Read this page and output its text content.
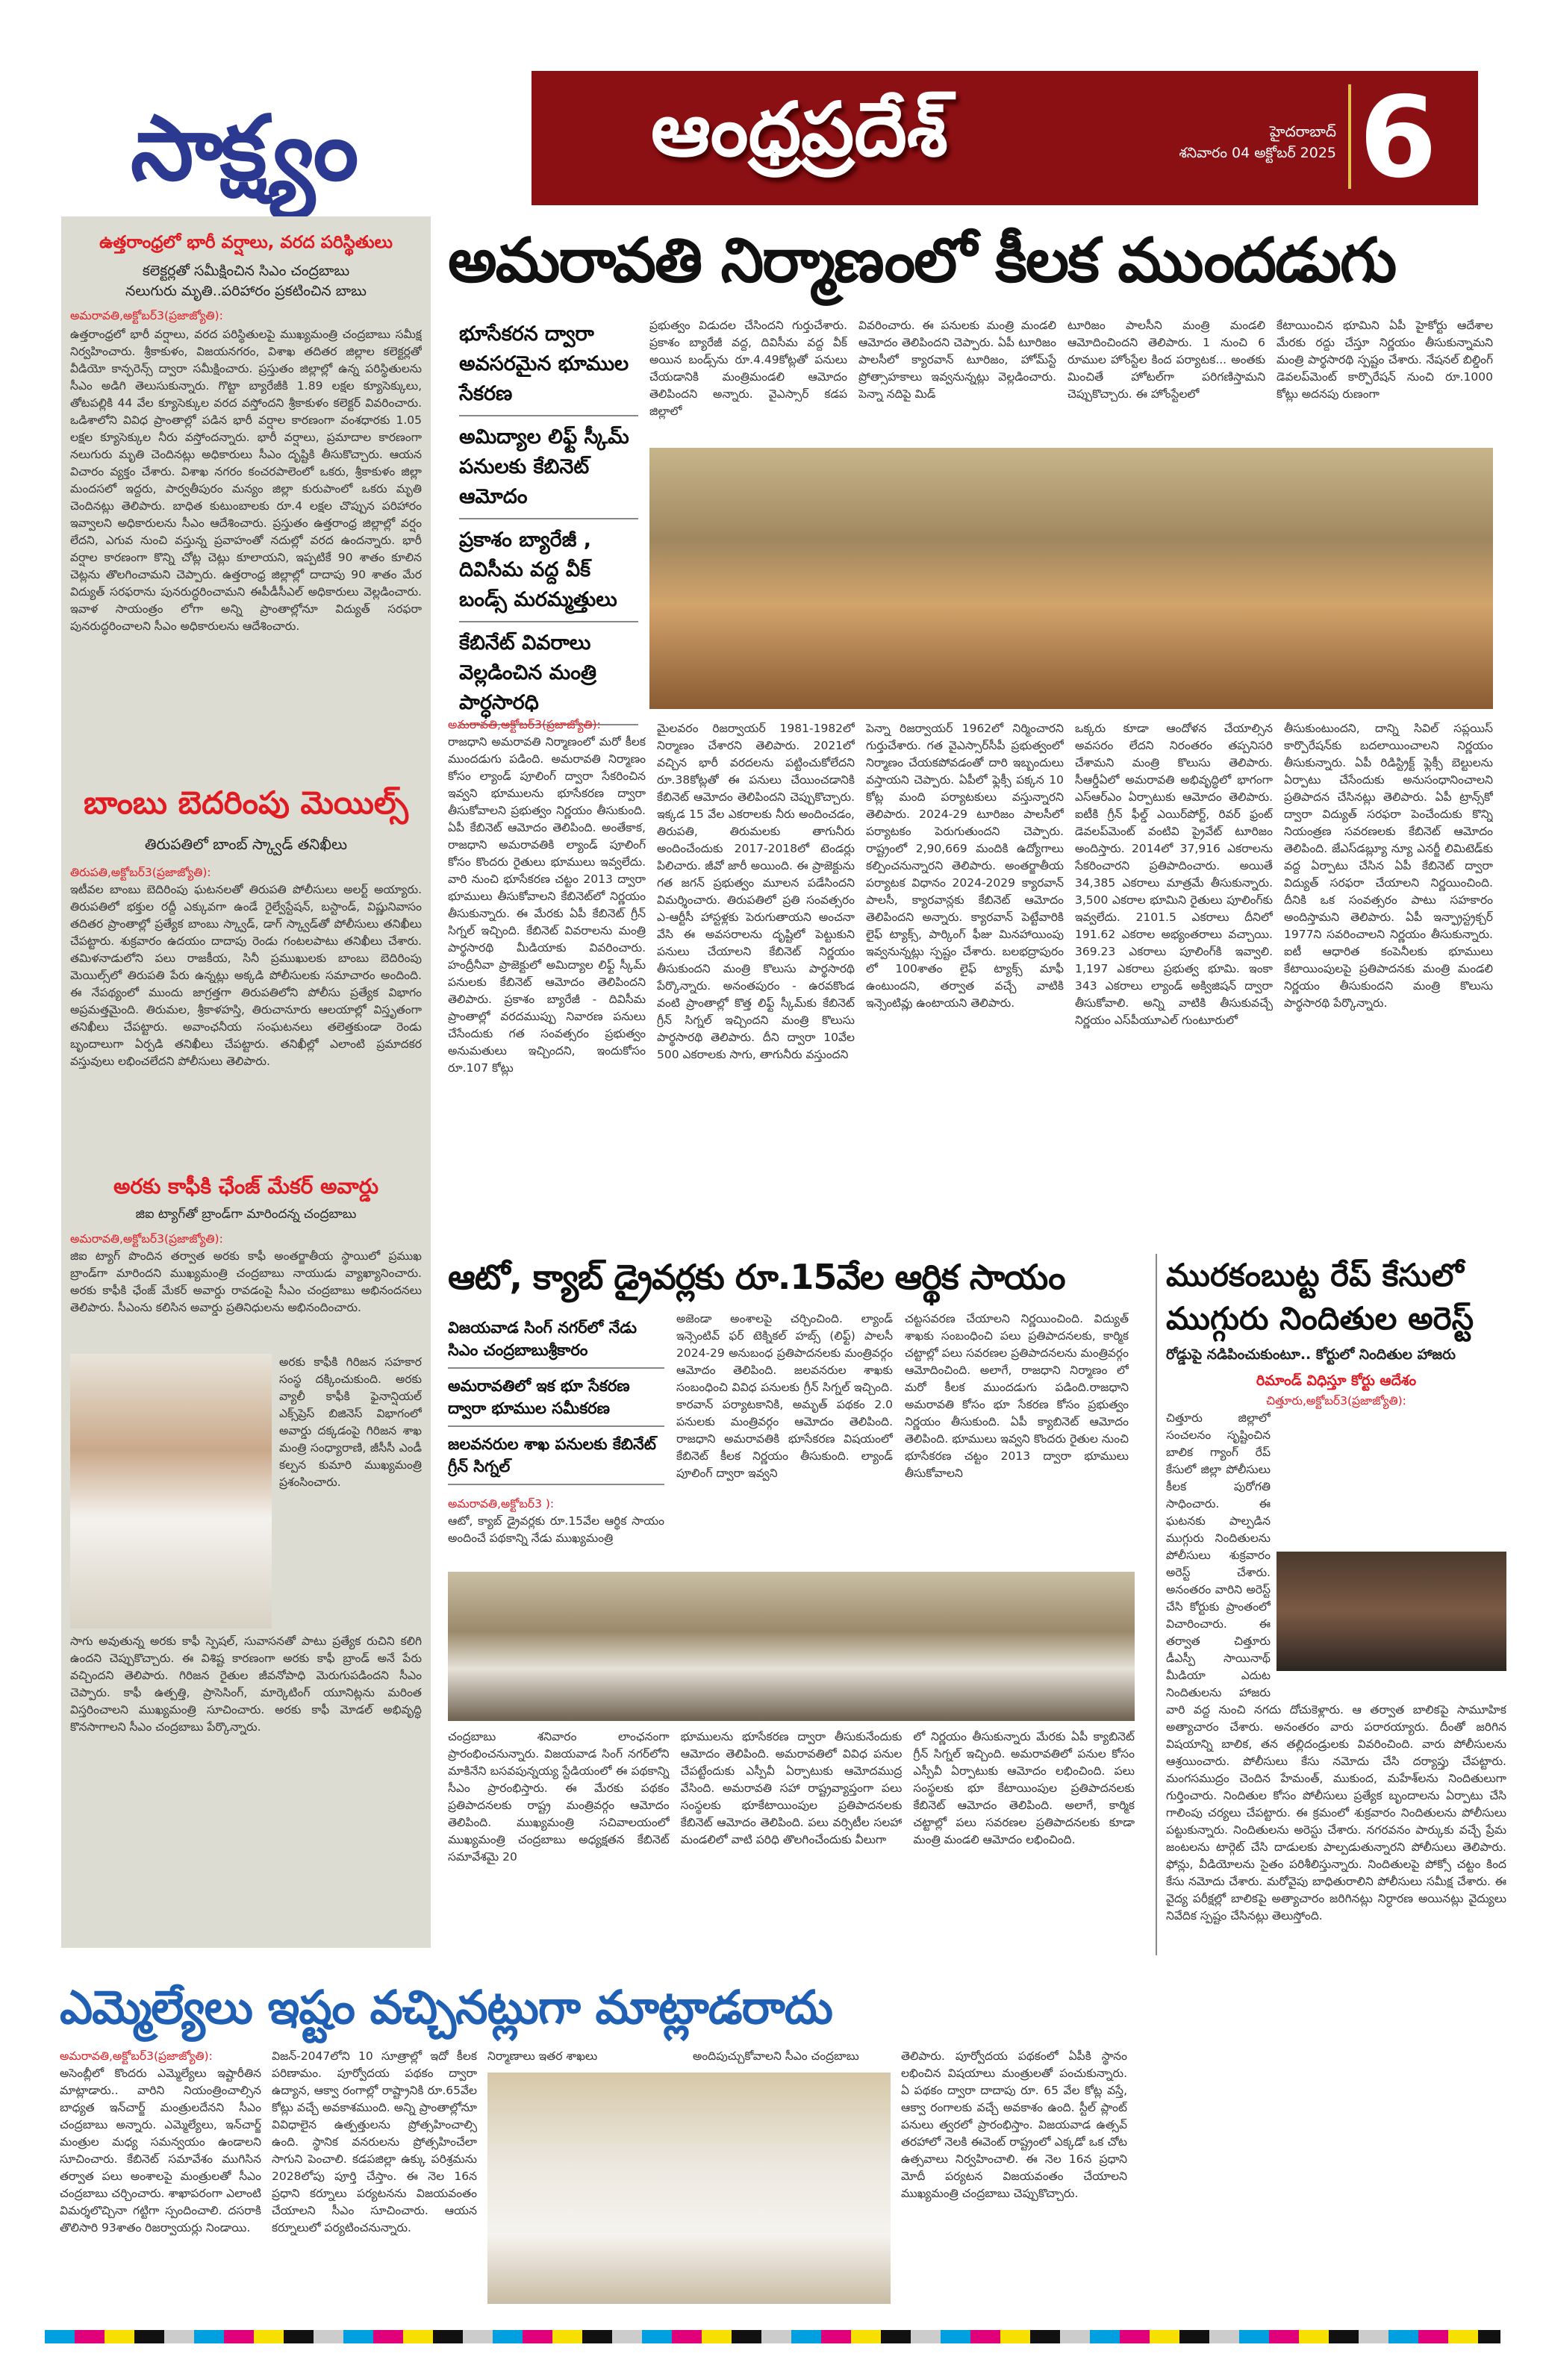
సాక్ష్యం	ఆంధ్రప్రదేశ్	హైదరాబాద్
శనివారం 04 అక్టోబర్ 2025 6
ఉత్తరాంధ్రలో భారీ వర్షాలు, వరద పరిస్థితులు
కలెక్టర్లతో సమీక్షించిన సిఎం చంద్రబాబు
నలుగురు మృతి..పరిహారం ప్రకటించిన బాబు
అమరావతి,అక్టోబర్3(ప్రజాజ్యోతి):
ఉత్తరాంధ్రలో భారీ వర్షాలు, వరద పరిస్థితులపై ముఖ్యమంత్రి చంద్రబాబు సమీక్ష నిర్వహించారు. శ్రీకాకుళం, విజయనగరం, విశాఖ తదితర జిల్లాల కలెక్టర్లతో వీడియో కాన్ఫరెన్స్ ద్వారా సమీక్షించారు. ప్రస్తుతం జిల్లాల్లో ఉన్న పరిస్థితులను సీఎం అడిగి తెలుసుకున్నారు. గొట్టా బ్యారేజీకి 1.89 లక్షల క్యూసెక్కులు, తోటపల్లికి 44 వేల క్యూసెక్కుల వరద వస్తోందని శ్రీకాకుళం కలెక్టర్ వివరించారు. ఒడిశాలోని వివిధ ప్రాంతాల్లో పడిన భారీ వర్షాల కారణంగా వంశధారకు 1.05 లక్షల క్యూసెక్కుల నీరు వస్తోందన్నారు. భారీ వర్షాలు, ప్రమాదాల కారణంగా నలుగురు మృతి చెందినట్లు అధికారులు సీఎం దృష్టికి తీసుకొచ్చారు. ఆయన విచారం వ్యక్తం చేశారు. విశాఖ నగరం కంచరపాలెంలో ఒకరు, శ్రీకాకుళం జిల్లా మందసలో ఇద్దరు, పార్వతీపురం మన్యం జిల్లా కురుపాంలో ఒకరు మృతి చెందినట్లు తెలిపారు. బాధిత కుటుంబాలకు రూ.4 లక్షల చొప్పున పరిహారం ఇవ్వాలని అధికారులను సీఎం ఆదేశించారు. ప్రస్తుతం ఉత్తరాంధ్ర జిల్లాల్లో వర్షం లేదని, ఎగువ నుంచి వస్తున్న ప్రవాహంతో నదుల్లో వరద ఉందన్నారు. భారీ వర్షాల కారణంగా కొన్ని చోట్ల చెట్లు కూలాయని, ఇప్పటికే 90 శాతం కూలిన చెట్లను తొలగించామని చెప్పారు. ఉత్తరాంధ్ర జిల్లాల్లో దాదాపు 90 శాతం మేర విద్యుత్ సరఫరాను పునరుద్ధరించామని ఈపీడీసీఎల్ అధికారులు వెల్లడించారు. ఇవాళ సాయంత్రం లోగా అన్ని ప్రాంతాల్లోనూ విద్యుత్ సరఫరా పునరుద్ధరించాలని సీఎం అధికారులను ఆదేశించారు.
బాంబు బెదరింపు మెయిల్స్
తిరుపతిలో బాంబ్ స్క్వాడ్ తనిఖీలు
తిరుపతి,అక్టోబర్3(ప్రజాజ్యోతి):
ఇటీవల బాంబు బెదిరింపు ఘటనలతో తిరుపతి పోలీసులు అలర్ట్ అయ్యారు. తిరుపతిలో భక్తుల రద్దీ ఎక్కువగా ఉండే రైల్వేస్టేషన్, బస్టాండ్, విష్ణునివాసం తదితర ప్రాంతాల్లో ప్రత్యేక బాంబు స్క్వాడ్, డాగ్ స్క్వాడ్‌తో పోలీసులు తనిఖీలు చేపట్టారు. శుక్రవారం ఉదయం దాదాపు రెండు గంటలపాటు తనిఖీలు చేశారు. తమిళనాడులోని పలు రాజకీయ, సినీ ప్రముఖులకు బాంబు బెదిరింపు మెయిల్స్‌లో తిరుపతి పేరు ఉన్నట్లు అక్కడి పోలీసులకు సమాచారం అందింది. ఈ నేపథ్యంలో ముందు జాగ్రత్తగా తిరుపతిలోని పోలీసు ప్రత్యేక విభాగం అప్రమత్తమైంది. తిరుమల, శ్రీకాళహస్తి, తిరుచానూరు ఆలయాల్లో విస్తృతంగా తనిఖీలు చేపట్టారు. అవాంఛనీయ సంఘటనలు తలెత్తకుండా రెండు బృందాలుగా ఏర్పడి తనిఖీలు చేపట్టారు. తనిఖీల్లో ఎలాంటి ప్రమాదకర వస్తువులు లభించలేదని పోలీసులు తెలిపారు.
అరకు కాఫీకి ఛేంజ్ మేకర్ అవార్డు
జిఐ ట్యాగ్‌తో బ్రాండ్‌గా మారిందన్న చంద్రబాబు
అమరావతి,అక్టోబర్3(ప్రజాజ్యోతి):
జిఐ ట్యాగ్ పొందిన తర్వాత అరకు కాఫీ అంతర్జాతీయ స్థాయిలో ప్రముఖ బ్రాండ్‌గా మారిందని ముఖ్యమంత్రి చంద్రబాబు నాయుడు వ్యాఖ్యానించారు. అరకు కాఫీకి ఛేంజ్ మేకర్ అవార్డు రావడంపై సీఎం చంద్రబాబు అభినందనలు తెలిపారు. సీఎంను కలిసిన అవార్డు ప్రతినిధులను అభినందించారు.
అరకు కాఫీకి గిరిజన సహకార సంస్థ దక్కించుకుంది. అరకు వ్యాలీ కాఫీకి ఫైనాన్షియల్ ఎక్స్‌ప్రెస్ బిజినెస్ విభాగంలో అవార్డు దక్కడంపై గిరిజన శాఖ మంత్రి సంధ్యారాణి, జీసీసీ ఎండీ కల్పన కుమారి ముఖ్యమంత్రి ప్రశంసించారు.
సాగు అవుతున్న అరకు కాఫీ స్పెషల్, సువాసనతో పాటు ప్రత్యేక రుచిని కలిగి ఉందని చెప్పుకొచ్చారు. ఈ విశిష్ట కారణంగా అరకు కాఫీ బ్రాండ్ అనే పేరు వచ్చిందని తెలిపారు. గిరిజన రైతుల జీవనోపాధి మెరుగుపడిందని సీఎం చెప్పారు. కాఫీ ఉత్పత్తి, ప్రాసెసింగ్, మార్కెటింగ్ యూనిట్లను మరింత విస్తరించాలని ముఖ్యమంత్రి సూచించారు. అరకు కాఫీ మోడల్ అభివృద్ధి కొనసాగాలని సీఎం చంద్రబాబు పేర్కొన్నారు.
అమరావతి నిర్మాణంలో కీలక ముందడుగు
భూసేకరన ద్వారా అవసరమైన భూముల సేకరణ
అమిద్యాల లిఫ్ట్ స్కీమ్ పనులకు కేబినెట్ ఆమోదం
ప్రకాశం బ్యారేజీ , దివిసీమ వద్ద వీక్ బండ్స్ మరమ్మత్తులు
కేబినేట్ వివరాలు వెల్లడించిన మంత్రి పార్ధసారధి
ప్రభుత్వం విడుదల చేసిందని గుర్తుచేశారు. ప్రకాశం బ్యారేజీ వద్ద, దివిసీమ వద్ద వీక్ అయిన బండ్స్‌ను రూ.4.49కోట్లతో పనులు చేయడానికి మంత్రిమండలి ఆమోదం తెలిపిందని అన్నారు. వైఎస్సార్ కడప జిల్లాలో
వివరించారు. ఈ పనులకు మంత్రి మండలి ఆమోదం తెలిపిందని చెప్పారు. ఏపీ టూరిజం పాలసీలో క్యారవాన్ టూరిజం, హోమ్‌స్టే ప్రోత్సాహకాలు ఇవ్వనున్నట్లు వెల్లడించారు. పెన్నా నదిపై మిడ్
టూరిజం పాలసీని మంత్రి మండలి ఆమోదించిందని తెలిపారు. 1 నుంచి 6 రూముల హోంస్టేల కింద పర్యాటక... అంతకు మించితే హోటల్‌గా పరిగణిస్తామని చెప్పుకొచ్చారు. ఈ హోంస్టేలలో
కేటాయించిన భూమిని ఏపీ హైకోర్టు ఆదేశాల మేరకు రద్దు చేస్తూ నిర్ణయం తీసుకున్నామని మంత్రి పార్థసారథి స్పష్టం చేశారు. నేషనల్ బిల్డింగ్ డెవలప్‌మెంట్ కార్పొరేషన్ నుంచి రూ.1000 కోట్లు అదనపు రుణంగా
అమరావతి,అక్టోబర్3(ప్రజాజ్యోతి):
రాజధాని అమరావతి నిర్మాణంలో మరో కీలక ముందడుగు పడింది. అమరావతి నిర్మాణం కోసం ల్యాండ్ పూలింగ్ ద్వారా సేకరించిన ఇవ్వని భూములను భూసేకరణ ద్వారా తీసుకోవాలని ప్రభుత్వం నిర్ణయం తీసుకుంది. ఏపీ కేబినెట్ ఆమోదం తెలిపింది. అంతేకాక, రాజధాని అమరావతికి ల్యాండ్ పూలింగ్ కోసం కొందరు రైతులు భూములు ఇవ్వలేదు. వారి నుంచి భూసేకరణ చట్టం 2013 ద్వారా భూములు తీసుకోవాలని కేబినెట్‌లో నిర్ణయం తీసుకున్నారు. ఈ మేరకు ఏపీ కేబినెట్ గ్రీన్ సిగ్నల్ ఇచ్చింది. కేబినెట్ వివరాలను మంత్రి పార్థసారథి మీడియాకు వివరించారు. హంద్రీనీవా ప్రాజెక్టులో అమిద్యాల లిఫ్ట్ స్కీమ్ పనులకు కేబినెట్ ఆమోదం తెలిపిందని తెలిపారు. ప్రకాశం బ్యారేజీ - దివిసీమ ప్రాంతాల్లో వరదముప్పు నివారణ పనులు చేసేందుకు గత సంవత్సరం ప్రభుత్వం అనుమతులు ఇచ్చిందని, ఇందుకోసం రూ.107 కోట్లు
మైలవరం రిజర్వాయర్ 1981-1982లో నిర్మాణం చేశారని తెలిపారు. 2021లో వచ్చిన భారీ వరదలను పట్టించుకోలేదని రూ.38కోట్లతో ఈ పనులు చేయించడానికి కేబినెట్ ఆమోదం తెలిపిందని చెప్పుకొచ్చారు. ఇక్కడ 15 వేల ఎకరాలకు నీరు అందించడం, తిరుపతి, తిరుమలకు తాగునీరు అందించేందుకు 2017-2018లో టెండర్లు పిలిచారు. జీవో జారీ అయింది. ఈ ప్రాజెక్టును గత జగన్ ప్రభుత్వం మూలన పడేసిందని విమర్శించారు. తిరుపతిలో ప్రతి సంవత్సరం ఎ-ఆర్టీసీ హాస్టళ్లకు పెరుగుతాయని అంచనా వేసి ఈ అవసరాలను దృష్టిలో పెట్టుకుని పనులు చేయాలని కేబినెట్ నిర్ణయం తీసుకుందని మంత్రి కొలుసు పార్థసారథి పేర్కొన్నారు. అనంతపురం - ఉరవకొండ వంటి ప్రాంతాల్లో కొత్త లిఫ్ట్ స్కీమ్‌కు కేబినెట్ గ్రీన్ సిగ్నల్ ఇచ్చిందని మంత్రి కొలుసు పార్థసారథి తెలిపారు. దీని ద్వారా 10వేల 500 ఎకరాలకు సాగు, తాగునీరు వస్తుందని
పెన్నా రిజర్వాయర్ 1962లో నిర్మించారని గుర్తుచేశారు. గత వైఎస్సార్‌సీపీ ప్రభుత్వంలో నిర్మాణం చేయకపోవడంతో దారి ఇబ్బందులు వస్తాయని చెప్పారు. ఏపీలో ఫ్లెక్సీ పక్కన 10 కోట్ల మంది పర్యాటకులు వస్తున్నారని తెలిపారు. 2024-29 టూరిజం పాలసీలో పర్యాటకం పెరుగుతుందని చెప్పారు. రాష్ట్రంలో 2,90,669 మందికి ఉద్యోగాలు కల్పించనున్నారని తెలిపారు. అంతర్జాతీయ పర్యాటక విధానం 2024-2029 క్యారవాన్ పాలసీ, క్యారవాన్లకు కేబినెట్ ఆమోదం తెలిపిందని అన్నారు. క్యారవాన్ పెట్టేవారికి లైఫ్ ట్యాక్స్, పార్కింగ్ ఫీజు మినహాయింపు ఇవ్వనున్నట్లు స్పష్టం చేశారు. బలభద్రాపురం లో 100శాతం లైఫ్ ట్యాక్స్ మాఫీ ఉంటుందని, తర్వాత వచ్చే వాటికి ఇన్సెంటివ్లు ఉంటాయని తెలిపారు.
ఒక్కరు కూడా ఆందోళన చేయాల్సిన అవసరం లేదని నిరంతరం తప్పనిసరి చేశామని మంత్రి కొలుసు తెలిపారు. సీఆర్డీఏలో అమరావతి అభివృద్ధిలో భాగంగా ఎస్ఆర్ఎం ఏర్పాటుకు ఆమోదం తెలిపారు. ఐటీకి గ్రీన్ ఫీల్డ్ ఎయిర్‌పోర్ట్, రివర్ ఫ్రంట్ డెవలప్‌మెంట్ వంటివి ప్రైవేట్ టూరిజం అందిస్తారు. 2014లో 37,916 ఎకరాలను సేకరించారని ప్రతిపాదించారు. అయితే 34,385 ఎకరాలు మాత్రమే తీసుకున్నారు. 3,500 ఎకరాల భూమిని రైతులు పూలింగ్‌కు ఇవ్వలేదు. 2101.5 ఎకరాలు దీనిలో 191.62 ఎకరాల అభ్యంతరాలు వచ్చాయి. 369.23 ఎకరాలు పూలింగ్‌కి ఇవ్వాలి. 1,197 ఎకరాలు ప్రభుత్వ భూమి. ఇంకా 343 ఎకరాలు ల్యాండ్ అక్విజిషన్ ద్వారా తీసుకోవాలి. అన్ని వాటికి తీసుకువచ్చే నిర్ణయం ఎస్‌పీయూఎల్ గుంటూరులో
తీసుకుంటుందని, దాన్ని సివిల్ సప్లయిస్ కార్పొరేషన్‌కు బదలాయించాలని నిర్ణయం తీసుకున్నారు. ఏపీ రిడిస్ట్రిక్ట్ ఫ్లెక్సీ బెల్టులను ఏర్పాటు చేసేందుకు అనుసంధానించాలని ప్రతిపాదన చేసినట్లు తెలిపారు. ఏపీ ట్రాన్స్‌కో ద్వారా విద్యుత్ సరఫరా పెంచేందుకు కొన్ని నియంత్రణ సవరణలకు కేబినెట్ ఆమోదం తెలిపింది. జేఎస్‌డబ్ల్యూ న్యూ ఎనర్జీ లిమిటెడ్‌కు వద్ద ఏర్పాటు చేసిన ఏపీ కేబినెట్ ద్వారా విద్యుత్ సరఫరా చేయాలని నిర్ణయించింది. దీనికి ఒక సంవత్సరం పాటు సహకారం అందిస్తామని తెలిపారు. ఏపీ ఇన్ఫ్రాస్ట్రక్చర్ 1977ని సవరించాలని నిర్ణయం తీసుకున్నారు. ఐటీ ఆధారిత కంపెనీలకు భూములు కేటాయింపులపై ప్రతిపాదనకు మంత్రి మండలి నిర్ణయం తీసుకుందని మంత్రి కొలుసు పార్థసారథి పేర్కొన్నారు.
ఆటో, క్యాబ్ డ్రైవర్లకు రూ.15వేల ఆర్థిక సాయం
విజయవాడ సింగ్ నగర్‌లో నేడు సిఎం చంద్రబాబుశ్రీకారం
అమరావతిలో ఇక భూ సేకరణ ద్వారా భూముల సమీకరణ
జలవనరుల శాఖ పనులకు కేబినేట్ గ్రీన్ సిగ్నల్
అమరావతి,అక్టోబర్3 ):
ఆటో, క్యాబ్ డ్రైవర్లకు రూ.15వేల ఆర్థిక సాయం అందించే పథకాన్ని నేడు ముఖ్యమంత్రి
అజెండా అంశాలపై చర్చించింది. ల్యాండ్ ఇన్సెంటివ్ ఫర్ టెక్నికల్ హబ్స్ (లిఫ్ట్) పాలసీ 2024-29 అనుబంధ ప్రతిపాదనలకు మంత్రివర్గం ఆమోదం తెలిపింది. జలవనరుల శాఖకు సంబంధించి వివిధ పనులకు గ్రీన్ సిగ్నల్ ఇచ్చింది. కారవాన్ పర్యాటకానికి, అమృత్ పథకం 2.0 పనులకు మంత్రివర్గం ఆమోదం తెలిపింది. రాజధాని అమరావతికి భూసేకరణ విషయంలో కేబినెట్ కీలక నిర్ణయం తీసుకుంది. ల్యాండ్ పూలింగ్ ద్వారా ఇవ్వని
చట్టసవరణ చేయాలని నిర్ణయించింది. విద్యుత్ శాఖకు సంబంధించి పలు ప్రతిపాదనలకు, కార్మిక చట్టాల్లో పలు సవరణల ప్రతిపాదనలను మంత్రివర్గం ఆమోదించింది. అలాగే, రాజధాని నిర్మాణం లో మరో కీలక ముందడుగు పడింది.రాజధాని అమరావతి కోసం భూ సేకరణ కోసం ప్రభుత్వం నిర్ణయం తీసుకుంది. ఏపీ క్యాబినెట్ ఆమోదం తెలిపింది. భూములు ఇవ్వని కొందరు రైతుల నుంచి భూసేకరణ చట్టం 2013 ద్వారా భూములు తీసుకోవాలని
చంద్రబాబు శనివారం లాంఛనంగా ప్రారంభించనున్నారు. విజయవాడ సింగ్ నగర్‌లోని మాకినేని బసవపున్నయ్య స్టేడియంలో ఈ పథకాన్ని సీఎం ప్రారంభిస్తారు. ఈ మేరకు పథకం ప్రతిపాదనలకు రాష్ట్ర మంత్రివర్గం ఆమోదం తెలిపింది. ముఖ్యమంత్రి సచివాలయంలో ముఖ్యమంత్రి చంద్రబాబు అధ్యక్షతన కేబినెట్ సమావేశమై 20
భూములను భూసేకరణ ద్వారా తీసుకునేందుకు ఆమోదం తెలిపింది. అమరావతిలో వివిధ పనుల చేపట్టేందుకు ఎస్పీవీ ఏర్పాటుకు ఆమోదముద్ర వేసింది. అమరావతి సహా రాష్ట్రవ్యాప్తంగా పలు సంస్థలకు భూకేటాయింపుల ప్రతిపాదనలకు కేబినెట్ ఆమోదం తెలిపింది. పలు వర్సిటీల సలహా మండలిలో వాటి పరిధి తొలగించేందుకు వీలుగా
లో నిర్ణయం తీసుకున్నారు మేరకు ఏపీ క్యాబినెట్ గ్రీన్ సిగ్నల్ ఇచ్చింది. అమరావతిలో పనుల కోసం ఎస్పీవీ ఏర్పాటుకు ఆమోదం లభించింది. పలు సంస్థలకు భూ కేటాయింపుల ప్రతిపాదనలకు కేబినెట్ ఆమోదం తెలిపింది. అలాగే, కార్మిక చట్టాల్లో పలు సవరణల ప్రతిపాదనలకు కూడా మంత్రి మండలి ఆమోదం లభించింది.
మురకంబుట్ట రేప్ కేసులో ముగ్గురు నిందితుల అరెస్ట్
రోడ్డుపై నడిపించుకుంటూ.. కోర్టులో నిందితుల హాజరు
రిమాండ్ విధిస్తూ కోర్టు ఆదేశం
చిత్తూరు,అక్టోబర్3(ప్రజాజ్యోతి):
చిత్తూరు జిల్లాలో సంచలనం సృష్టించిన బాలిక గ్యాంగ్ రేప్ కేసులో జిల్లా పోలీసులు కీలక పురోగతి సాధించారు. ఈ ఘటనకు పాల్పడిన ముగ్గురు నిందితులను పోలీసులు శుక్రవారం అరెస్ట్ చేశారు. అనంతరం వారిని అరెస్ట్ చేసి కోర్టుకు ప్రాంతంలో విచారించారు. ఈ తర్వాత చిత్తూరు డీఎస్పీ సాయినాథ్ మీడియా ఎదుట నిందితులను హాజరు
వారి వద్ద నుంచి నగదు దోచుకెళ్లారు. ఆ తర్వాత బాలికపై సామూహిక అత్యాచారం చేశారు. అనంతరం వారు పరారయ్యారు. దీంతో జరిగిన విషయాన్ని బాలిక, తన తల్లిదండ్రులకు వివరించింది. వారు పోలీసులను ఆశ్రయించారు. పోలీసులు కేసు నమోదు చేసి దర్యాప్తు చేపట్టారు. మంగసముద్రం చెందిన హేమంత్, ముకుంద, మహేశ్‌లను నిందితులుగా గుర్తించారు. నిందితుల కోసం పోలీసులు ప్రత్యేక బృందాలను ఏర్పాటు చేసి గాలింపు చర్యలు చేపట్టారు. ఈ క్రమంలో శుక్రవారం నిందితులను పోలీసులు పట్టుకున్నారు. నిందితులను అరెస్టు చేశారు. నగరవనం పార్కుకు వచ్చే ప్రేమ జంటలను టార్గెట్ చేసి దాడులకు పాల్పడుతున్నారని పోలీసులు తెలిపారు. ఫోన్లు, వీడియోలను సైతం పరిశీలిస్తున్నారు. నిందితులపై పోక్సో చట్టం కింద కేసు నమోదు చేశారు. మరోవైపు బాధితురాలిని పోలీసులు సమీక్ష చేశారు. ఈ వైద్య పరీక్షల్లో బాలికపై అత్యాచారం జరిగినట్లు నిర్ధారణ అయినట్లు వైద్యులు నివేదిక స్పష్టం చేసినట్లు తెలుస్తోంది.
ఎమ్మెల్యేలు ఇష్టం వచ్చినట్లుగా మాట్లాడరాదు
అమరావతి,అక్టోబర్3(ప్రజాజ్యోతి):
అసెంబ్లీలో కొందరు ఎమ్మెల్యేలు ఇష్టారీతిన మాట్లాడారు.. వారిని నియంత్రించాల్సిన బాధ్యత ఇన్‌చార్జ్ మంత్రులదేనని సీఎం చంద్రబాబు అన్నారు. ఎమ్మెల్యేలు, ఇన్‌చార్జ్ మంత్రుల మధ్య సమన్వయం ఉండాలని సూచించారు. కేబినెట్ సమావేశం ముగిసిన తర్వాత పలు అంశాలపై మంత్రులతో సీఎం చంద్రబాబు చర్చించారు. శాఖాపరంగా ఎలాంటి విమర్శలొచ్చినా గట్టిగా స్పందించాలి. దసరాకి తొలిసారి 93శాతం రిజర్వాయర్లు నిండాయి.
విజన్-2047లోని 10 సూత్రాల్లో ఇదో కీలక పరిణామం. పూర్వోదయ పథకం ద్వారా ఉద్యాన, ఆక్వా రంగాల్లో రాష్ట్రానికి రూ.65వేల కోట్లు వచ్చే అవకాశముంది. అన్ని ప్రాంతాల్లోనూ వివిధాలైన ఉత్పత్తులను ప్రోత్సహించాల్సి ఉంది. స్థానిక వనరులను ప్రోత్సహించేలా సాగుని పెంచాలి. కడపజిల్లా ఉక్కు పరిశ్రమను 2028లోపు పూర్తి చేస్తాం. ఈ నెల 16న ప్రధాని కర్నూలు పర్యటనను విజయవంతం చేయాలని సీఎం సూచించారు. ఆయన కర్నూలులో పర్యటించనున్నారు.
నిర్మాణాలు ఇతర శాఖలు	అందిపుచ్చుకోవాలని సీఎం చంద్రబాబు	తెలిపారు. పూర్వోదయ పథకంలో ఏపీకి స్థానం లభించిన విషయాలు మంత్రులతో పంచుకున్నారు. ఏ పథకం ద్వారా దాదాపు రూ. 65 వేల కోట్ల వస్తే, ఆక్వా రంగాలకు వచ్చే అవకాశం ఉంది. స్టీల్ ప్లాంట్ పనులు త్వరలో ప్రారంభిస్తాం. విజయవాడ ఉత్సవ్ తరహాలో నెలకి ఈవెంట్ రాష్ట్రంలో ఎక్కడో ఒక చోట ఉత్సవాలు నిర్వహించాలి. ఈ నెల 16న ప్రధాని మోదీ పర్యటన విజయవంతం చేయాలని ముఖ్యమంత్రి చంద్రబాబు చెప్పుకొచ్చారు.
